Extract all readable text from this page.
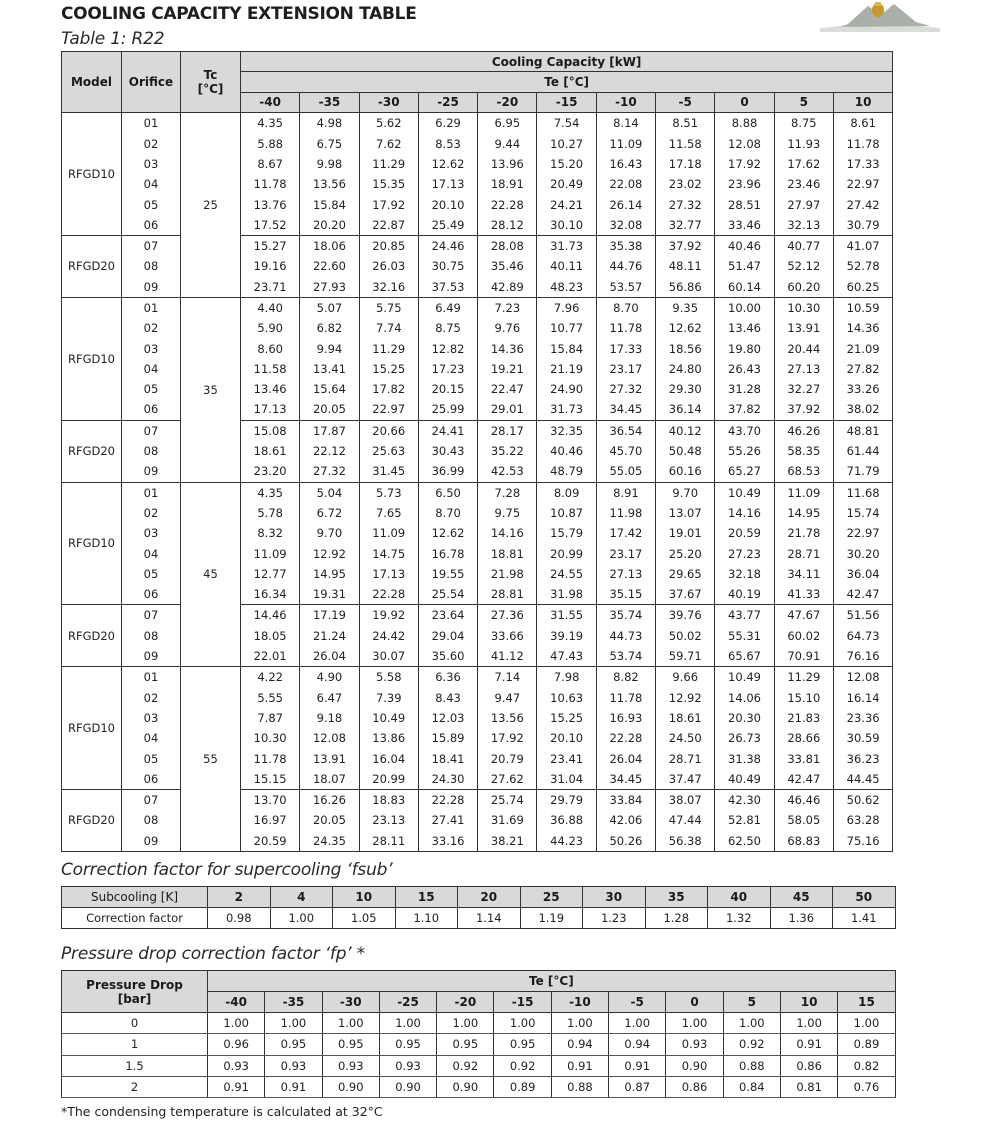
COOLING CAPACITY EXTENSION TABLE
Table 1: R22
Model	Orifice	Tc
[°C]	Cooling Capacity [kW]										
			Te [°C]										
			-40	-35	-30	-25	-20	-15	-10	-5	0	5	10
RFGD10	01	25	4.35	4.98	5.62	6.29	6.95	7.54	8.14	8.51	8.88	8.75	8.61
	02		5.88	6.75	7.62	8.53	9.44	10.27	11.09	11.58	12.08	11.93	11.78
	03		8.67	9.98	11.29	12.62	13.96	15.20	16.43	17.18	17.92	17.62	17.33
	04		11.78	13.56	15.35	17.13	18.91	20.49	22.08	23.02	23.96	23.46	22.97
	05		13.76	15.84	17.92	20.10	22.28	24.21	26.14	27.32	28.51	27.97	27.42
	06		17.52	20.20	22.87	25.49	28.12	30.10	32.08	32.77	33.46	32.13	30.79
RFGD20	07		15.27	18.06	20.85	24.46	28.08	31.73	35.38	37.92	40.46	40.77	41.07
	08		19.16	22.60	26.03	30.75	35.46	40.11	44.76	48.11	51.47	52.12	52.78
	09		23.71	27.93	32.16	37.53	42.89	48.23	53.57	56.86	60.14	60.20	60.25
RFGD10	01	35	4.40	5.07	5.75	6.49	7.23	7.96	8.70	9.35	10.00	10.30	10.59
	02		5.90	6.82	7.74	8.75	9.76	10.77	11.78	12.62	13.46	13.91	14.36
	03		8.60	9.94	11.29	12.82	14.36	15.84	17.33	18.56	19.80	20.44	21.09
	04		11.58	13.41	15.25	17.23	19.21	21.19	23.17	24.80	26.43	27.13	27.82
	05		13.46	15.64	17.82	20.15	22.47	24.90	27.32	29.30	31.28	32.27	33.26
	06		17.13	20.05	22.97	25.99	29.01	31.73	34.45	36.14	37.82	37.92	38.02
RFGD20	07		15.08	17.87	20.66	24.41	28.17	32.35	36.54	40.12	43.70	46.26	48.81
	08		18.61	22.12	25.63	30.43	35.22	40.46	45.70	50.48	55.26	58.35	61.44
	09		23.20	27.32	31.45	36.99	42.53	48.79	55.05	60.16	65.27	68.53	71.79
RFGD10	01	45	4.35	5.04	5.73	6.50	7.28	8.09	8.91	9.70	10.49	11.09	11.68
	02		5.78	6.72	7.65	8.70	9.75	10.87	11.98	13.07	14.16	14.95	15.74
	03		8.32	9.70	11.09	12.62	14.16	15.79	17.42	19.01	20.59	21.78	22.97
	04		11.09	12.92	14.75	16.78	18.81	20.99	23.17	25.20	27.23	28.71	30.20
	05		12.77	14.95	17.13	19.55	21.98	24.55	27.13	29.65	32.18	34.11	36.04
	06		16.34	19.31	22.28	25.54	28.81	31.98	35.15	37.67	40.19	41.33	42.47
RFGD20	07		14.46	17.19	19.92	23.64	27.36	31.55	35.74	39.76	43.77	47.67	51.56
	08		18.05	21.24	24.42	29.04	33.66	39.19	44.73	50.02	55.31	60.02	64.73
	09		22.01	26.04	30.07	35.60	41.12	47.43	53.74	59.71	65.67	70.91	76.16
RFGD10	01	55	4.22	4.90	5.58	6.36	7.14	7.98	8.82	9.66	10.49	11.29	12.08
	02		5.55	6.47	7.39	8.43	9.47	10.63	11.78	12.92	14.06	15.10	16.14
	03		7.87	9.18	10.49	12.03	13.56	15.25	16.93	18.61	20.30	21.83	23.36
	04		10.30	12.08	13.86	15.89	17.92	20.10	22.28	24.50	26.73	28.66	30.59
	05		11.78	13.91	16.04	18.41	20.79	23.41	26.04	28.71	31.38	33.81	36.23
	06		15.15	18.07	20.99	24.30	27.62	31.04	34.45	37.47	40.49	42.47	44.45
RFGD20	07		13.70	16.26	18.83	22.28	25.74	29.79	33.84	38.07	42.30	46.46	50.62
	08		16.97	20.05	23.13	27.41	31.69	36.88	42.06	47.44	52.81	58.05	63.28
	09		20.59	24.35	28.11	33.16	38.21	44.23	50.26	56.38	62.50	68.83	75.16
Correction factor for supercooling ‘fsub’
Subcooling [K]	2	4	10	15	20	25	30	35	40	45	50
Correction factor	0.98	1.00	1.05	1.10	1.14	1.19	1.23	1.28	1.32	1.36	1.41
Pressure drop correction factor ‘fp’ *
Pressure Drop
[bar]	Te [°C]											
	-40	-35	-30	-25	-20	-15	-10	-5	0	5	10	15
0	1.00	1.00	1.00	1.00	1.00	1.00	1.00	1.00	1.00	1.00	1.00	1.00
1	0.96	0.95	0.95	0.95	0.95	0.95	0.94	0.94	0.93	0.92	0.91	0.89
1.5	0.93	0.93	0.93	0.93	0.92	0.92	0.91	0.91	0.90	0.88	0.86	0.82
2	0.91	0.91	0.90	0.90	0.90	0.89	0.88	0.87	0.86	0.84	0.81	0.76
*The condensing temperature is calculated at 32°C
